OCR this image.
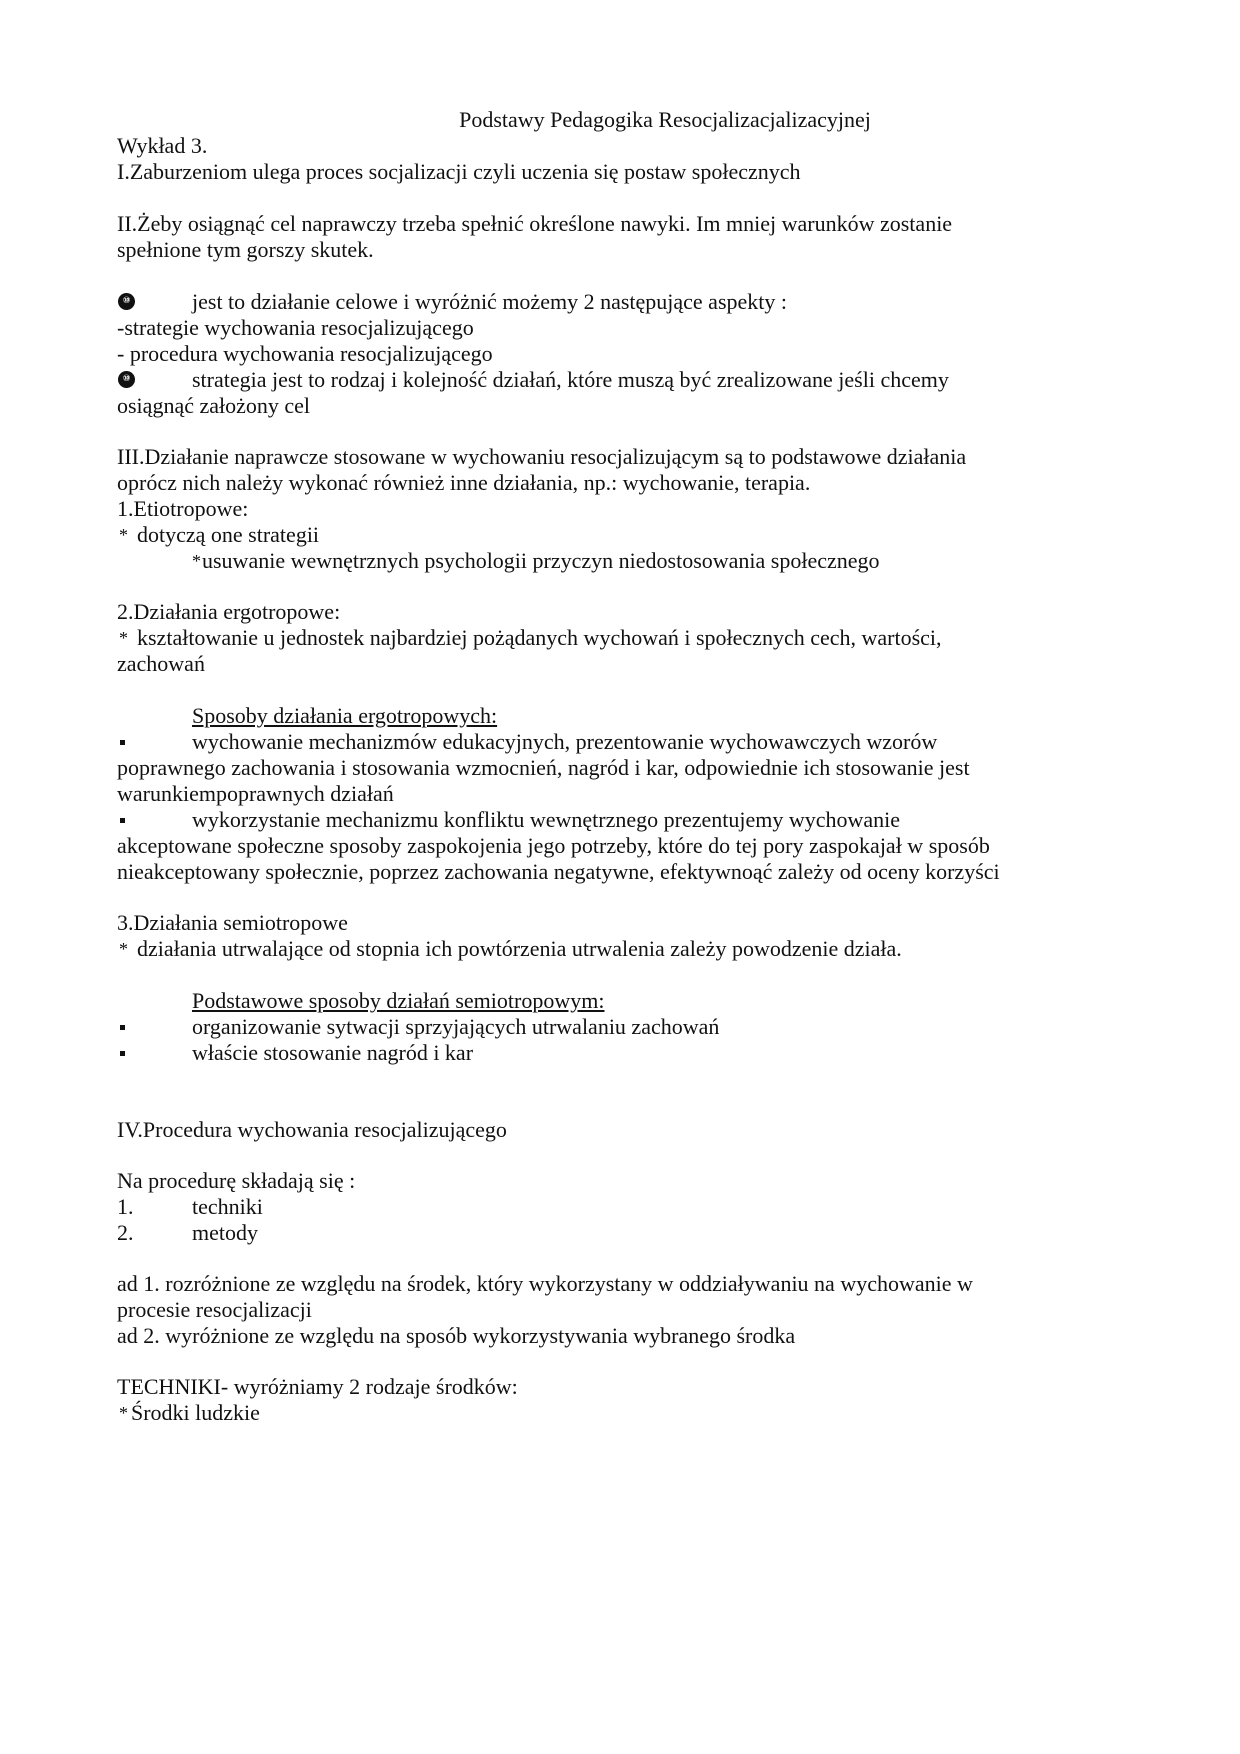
Podstawy Pedagogika Resocjalizacjalizacyjnej

Wykład 3.

I.Zaburzeniom ulega proces socjalizacji czyli uczenia się postaw społecznych

II.Żeby osiągnąć cel naprawczy trzeba spełnić określone nawyki. Im mniej warunków zostanie

spełnione tym gorszy skutek.

⑩	jest to działanie celowe i wyróżnić możemy 2 następujące aspekty :

-strategie wychowania resocjalizującego

- procedura wychowania resocjalizującego

⑩	strategia jest to rodzaj i kolejność działań, które muszą być zrealizowane jeśli chcemy

osiągnąć założony cel

III.Działanie naprawcze stosowane w wychowaniu resocjalizującym są to podstawowe działania

oprócz nich należy wykonać również inne działania, np.: wychowanie, terapia.

1.Etiotropowe:

* dotyczą one strategii

* usuwanie wewnętrznych psychologii przyczyn niedostosowania społecznego

2.Działania ergotropowe:

* kształtowanie u jednostek najbardziej pożądanych wychowań i społecznych cech, wartości,

zachowań

Sposoby działania ergotropowych:

wychowanie mechanizmów edukacyjnych, prezentowanie wychowawczych wzorów

poprawnego zachowania i stosowania wzmocnień, nagród i kar, odpowiednie ich stosowanie jest

warunkiempoprawnych działań

wykorzystanie mechanizmu konfliktu wewnętrznego prezentujemy wychowanie

akceptowane społeczne sposoby zaspokojenia jego potrzeby, które do tej pory zaspokajał w sposób

nieakceptowany społecznie, poprzez zachowania negatywne, efektywnoąć zależy od oceny korzyści

3.Działania semiotropowe

* działania utrwalające od stopnia ich powtórzenia utrwalenia zależy powodzenie działa.

Podstawowe sposoby działań semiotropowym:

organizowanie sytwacji sprzyjających utrwalaniu zachowań

właście stosowanie nagród i kar

IV.Procedura wychowania resocjalizującego

Na procedurę składają się :

1.	techniki

2.	metody

ad 1. rozróżnione ze względu na środek, który wykorzystany w oddziaływaniu na wychowanie w

procesie resocjalizacji

ad 2. wyróżnione ze względu na sposób wykorzystywania wybranego środka

TECHNIKI- wyróżniamy 2 rodzaje środków:

* Środki ludzkie
